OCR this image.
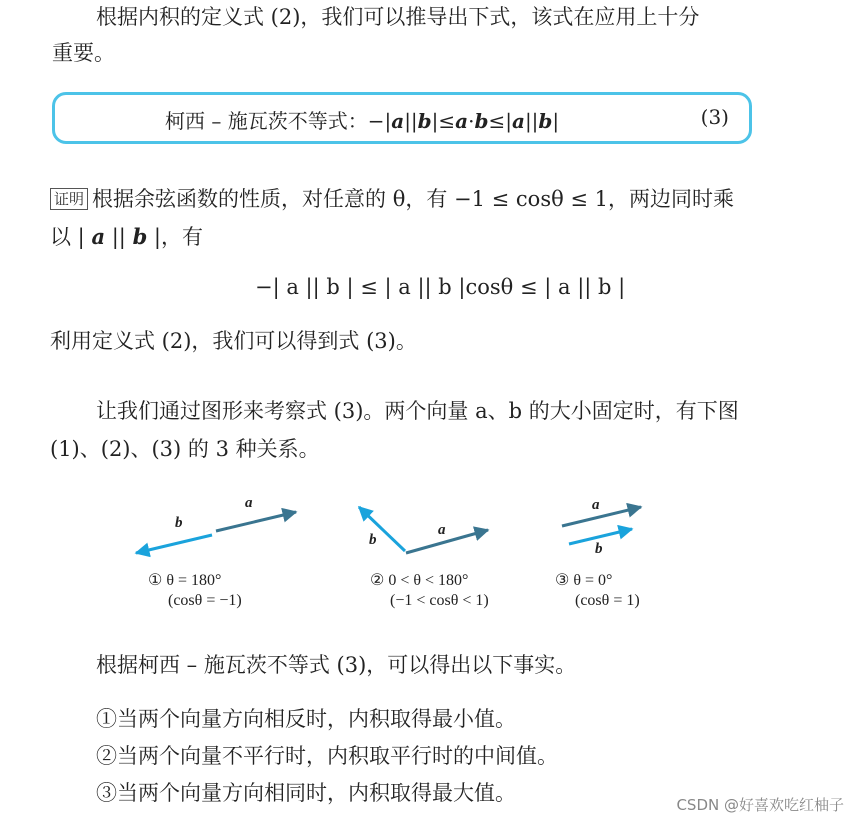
根据内积的定义式 (2)，我们可以推导出下式，该式在应用上十分
重要。
柯西 – 施瓦茨不等式：−|a||b|≤a·b≤|a||b|	(3)
证明 根据余弦函数的性质，对任意的 θ，有 −1 ≤ cosθ ≤ 1，两边同时乘
以 | a || b |，有
−| a || b | ≤ | a || b |cosθ ≤ | a || b |
利用定义式 (2)，我们可以得到式 (3)。
让我们通过图形来考察式 (3)。两个向量 a、b 的大小固定时，有下图
(1)、(2)、(3) 的 3 种关系。
a
b	a
b
a
b
① θ = 180°
(cosθ = −1)
② 0 < θ < 180°
(−1 < cosθ < 1)
③ θ = 0°
(cosθ = 1)
根据柯西 – 施瓦茨不等式 (3)，可以得出以下事实。
①当两个向量方向相反时，内积取得最小值。
②当两个向量不平行时，内积取平行时的中间值。
③当两个向量方向相同时，内积取得最大值。	CSDN @好喜欢吃红柚子
